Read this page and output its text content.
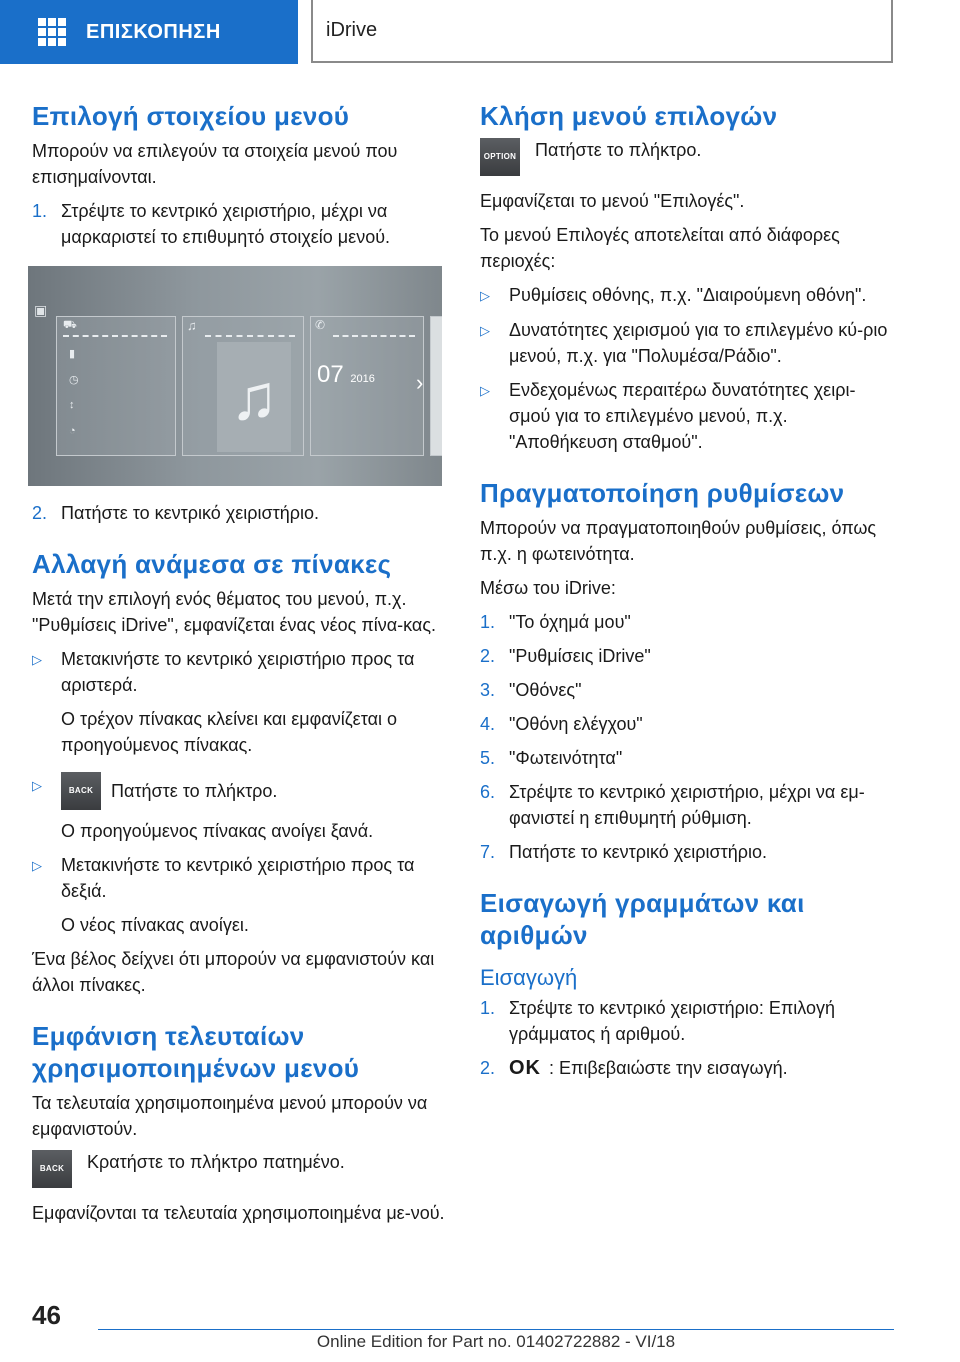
ΕΠΙΣΚΟΠΗΣΗ	iDrive
Επιλογή στοιχείου μενού

Μπορούν να επιλεγούν τα στοιχεία μενού που επισημαίνονται.

1. Στρέψτε το κεντρικό χειριστήριο, μέχρι να μαρκαριστεί το επιθυμητό στοιχείο μενού.
▣
⛟
▮
◷
↕
◔
♫
♫
✆
07 2016 ›
2. Πατήστε το κεντρικό χειριστήριο.
Αλλαγή ανάμεσα σε πίνακες

Μετά την επιλογή ενός θέματος του μενού, π.χ. "Ρυθμίσεις iDrive", εμφανίζεται ένας νέος πίνα-κας.

▷	Μετακινήστε το κεντρικό χειριστήριο προς τα αριστερά.

Ο τρέχον πίνακας κλείνει και εμφανίζεται ο προηγούμενος πίνακας.

▷	BACK Πατήστε το πλήκτρο.

Ο προηγούμενος πίνακας ανοίγει ξανά.

▷	Μετακινήστε το κεντρικό χειριστήριο προς τα δεξιά.

Ο νέος πίνακας ανοίγει.

Ένα βέλος δείχνει ότι μπορούν να εμφανιστούν και άλλοι πίνακες.

Εμφάνιση τελευταίων χρησιμοποιημένων μενού

Τα τελευταία χρησιμοποιημένα μενού μπορούν να εμφανιστούν.

BACK	Κρατήστε το πλήκτρο πατημένο.

Εμφανίζονται τα τελευταία χρησιμοποιημένα με-νού.

Κλήση μενού επιλογών
OPTION Πατήστε το πλήκτρο.

Εμφανίζεται το μενού "Επιλογές".

Το μενού Επιλογές αποτελείται από διάφορες περιοχές:

▷	Ρυθμίσεις οθόνης, π.χ. "Διαιρούμενη οθόνη".
▷	Δυνατότητες χειρισμού για το επιλεγμένο κύ-ριο μενού, π.χ. για "Πολυμέσα/Ράδιο".
▷	Ενδεχομένως περαιτέρω δυνατότητες χειρι-σμού για το επιλεγμένο μενού, π.χ. "Αποθήκευση σταθμού".
Πραγματοποίηση ρυθμίσεων

Μπορούν να πραγματοποιηθούν ρυθμίσεις, όπως π.χ. η φωτεινότητα.

Μέσω του iDrive:

1. "Το όχημά μου"
2. "Ρυθμίσεις iDrive"
3. "Οθόνες"
4. "Οθόνη ελέγχου"
5. "Φωτεινότητα"
6. Στρέψτε το κεντρικό χειριστήριο, μέχρι να εμ-φανιστεί η επιθυμητή ρύθμιση.
7. Πατήστε το κεντρικό χειριστήριο.
Εισαγωγή γραμμάτων και αριθμών
Εισαγωγή
1. Στρέψτε το κεντρικό χειριστήριο: Επιλογή γράμματος ή αριθμού.
2. OK : Επιβεβαιώστε την εισαγωγή.
46
Online Edition for Part no. 01402722882 - VI/18
